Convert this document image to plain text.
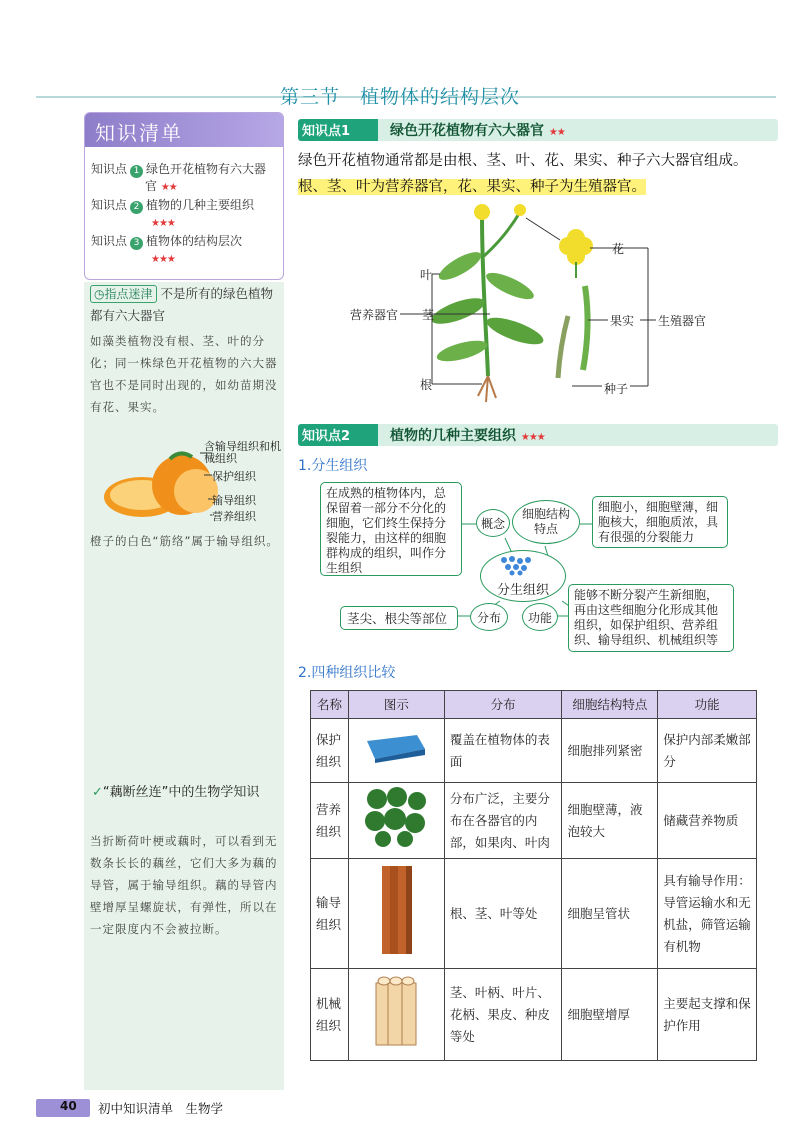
第三节　植物体的结构层次
知识清单
知识点 1 绿色开花植物有六大器
官 ★★
知识点 2 植物的几种主要组织
★★★
知识点 3 植物体的结构层次
★★★
◷指点迷津 不是所有的绿色植物都有六大器官
如藻类植物没有根、茎、叶的分化；同一株绿色开花植物的六大器官也不是同时出现的，如幼苗期没有花、果实。
含输导组织和机械组织
保护组织
输导组织
营养组织
橙子的白色“筋络”属于输导组织。
✓“藕断丝连”中的生物学知识
当折断荷叶梗或藕时，可以看到无数条长长的藕丝，它们大多为藕的导管，属于输导组织。藕的导管内壁增厚呈螺旋状，有弹性，所以在一定限度内不会被拉断。
知识点1	绿色开花植物有六大器官 ★★
绿色开花植物通常都是由根、茎、叶、花、果实、种子六大器官组成。
根、茎、叶为营养器官，花、果实、种子为生殖器官。
叶
茎
根
营养器官
花
果实
种子
生殖器官
知识点2	植物的几种主要组织 ★★★
1.分生组织
在成熟的植物体内，总保留着一部分不分化的细胞，它们终生保持分裂能力，由这样的细胞群构成的组织，叫作分生组织
概念
细胞结构特点
细胞小，细胞壁薄，细胞核大，细胞质浓，具有很强的分裂能力
分生组织
茎尖、根尖等部位	分布	功能
能够不断分裂产生新细胞，再由这些细胞分化形成其他组织，如保护组织、营养组织、输导组织、机械组织等
2.四种组织比较
名称	图示	分布	细胞结构特点	功能
保护组织		覆盖在植物体的表面	细胞排列紧密	保护内部柔嫩部分
营养组织		分布广泛，主要分布在各器官的内部，如果肉、叶肉	细胞壁薄，液泡较大	储藏营养物质
输导组织		根、茎、叶等处	细胞呈管状	具有输导作用：导管运输水和无机盐，筛管运输有机物
机械组织		茎、叶柄、叶片、花柄、果皮、种皮等处	细胞壁增厚	主要起支撑和保护作用
40 初中知识清单　生物学
